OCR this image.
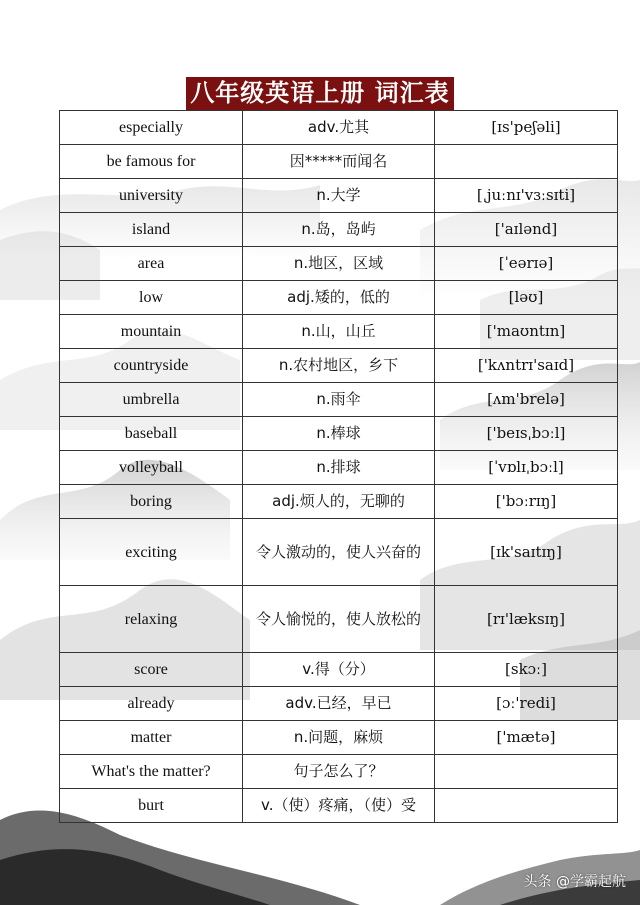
八年级英语上册 词汇表
especially	adv.尤其	[ɪs'peʃəli]
be famous for	因*****而闻名	
university	n.大学	[ˌjuːnɪ'vɜːsɪti]
island	n.岛，岛屿	['aɪlənd]
area	n.地区，区域	[ˈeərɪə]
low	adj.矮的，低的	[ləʊ]
mountain	n.山，山丘	['maʊntɪn]
countryside	n.农村地区，乡下	['kʌntrɪ'saɪd]
umbrella	n.雨伞	[ʌm'brelə]
baseball	n.棒球	['beɪsˌbɔːl]
volleyball	n.排球	[ˈvɒlɪˌbɔːl]
boring	adj.烦人的，无聊的	['bɔːrɪŋ]
exciting	令人激动的，使人兴奋的	[ɪk'saɪtɪŋ]
relaxing	令人愉悦的，使人放松的	[rɪ'læksɪŋ]
score	v.得（分）	[skɔː]
already	adv.已经，早已	[ɔː'redi]
matter	n.问题，麻烦	['mætə]
What's the matter?	句子怎么了？	
burt	v.（使）疼痛，（使）受	
头条 @学霸起航
